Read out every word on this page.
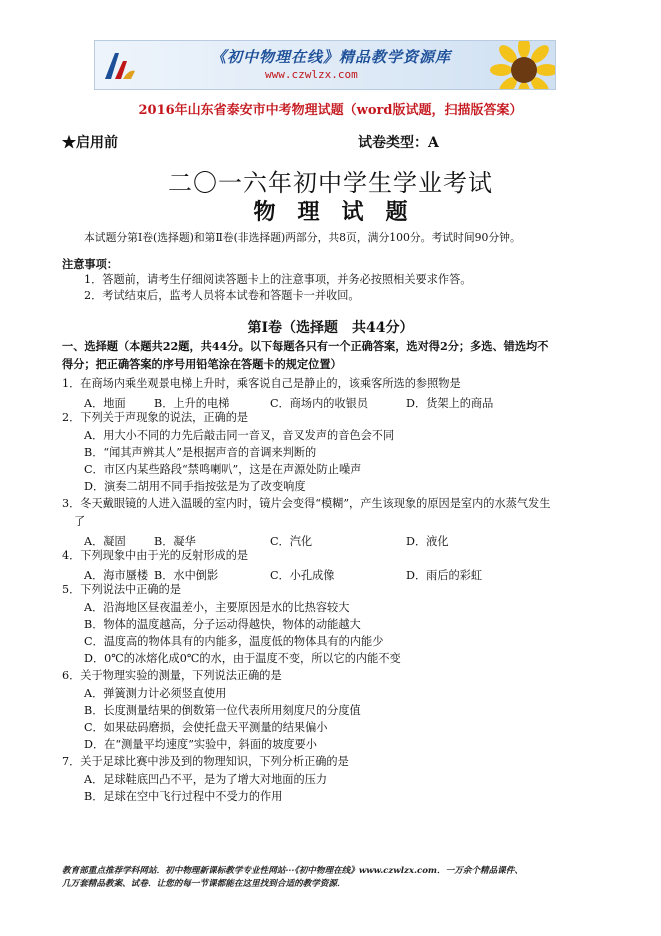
《初中物理在线》精品教学资源库
www.czwlzx.com
2016年山东省泰安市中考物理试题（word版试题，扫描版答案）
★启用前	试卷类型：A
二〇一六年初中学生学业考试
物　理　试　题
本试题分第Ⅰ卷(选择题)和第Ⅱ卷(非选择题)两部分，共8页，满分100分。考试时间90分钟。
注意事项：
1．答题前，请考生仔细阅读答题卡上的注意事项，并务必按照相关要求作答。
2．考试结束后，监考人员将本试卷和答题卡一并收回。
第Ⅰ卷（选择题　共44分）
一、选择题（本题共22题，共44分。以下每题各只有一个正确答案，选对得2分；多选、错选均不
得分；把正确答案的序号用铅笔涂在答题卡的规定位置）
1．在商场内乘坐观景电梯上升时，乘客说自己是静止的，该乘客所选的参照物是
A．地面	B．上升的电梯	C．商场内的收银员	D．货架上的商品
2．下列关于声现象的说法，正确的是
A．用大小不同的力先后敲击同一音叉，音叉发声的音色会不同
B．“闻其声辨其人”是根据声音的音调来判断的
C．市区内某些路段“禁鸣喇叭”，这是在声源处防止噪声
D．演奏二胡用不同手指按弦是为了改变响度
3．冬天戴眼镜的人进入温暖的室内时，镜片会变得“模糊”，产生该现象的原因是室内的水蒸气发生
了
A．凝固	B．凝华	C．汽化	D．液化
4．下列现象中由于光的反射形成的是
A．海市蜃楼 B．水中倒影	C．小孔成像	D．雨后的彩虹
5．下列说法中正确的是
A．沿海地区昼夜温差小，主要原因是水的比热容较大
B．物体的温度越高，分子运动得越快，物体的动能越大
C．温度高的物体具有的内能多，温度低的物体具有的内能少
D．0℃的冰熔化成0℃的水，由于温度不变，所以它的内能不变
6．关于物理实验的测量，下列说法正确的是
A．弹簧测力计必须竖直使用
B．长度测量结果的倒数第一位代表所用刻度尺的分度值
C．如果砝码磨损，会使托盘天平测量的结果偏小
D．在“测量平均速度”实验中，斜面的坡度要小
7．关于足球比赛中涉及到的物理知识，下列分析正确的是
A．足球鞋底凹凸不平，是为了增大对地面的压力
B．足球在空中飞行过程中不受力的作用
教育部重点推荐学科网站．初中物理新课标教学专业性网站···《初中物理在线》www.czwlzx.com．一万余个精品课件、
几万套精品教案、试卷．让您的每一节课都能在这里找到合适的教学资源．
